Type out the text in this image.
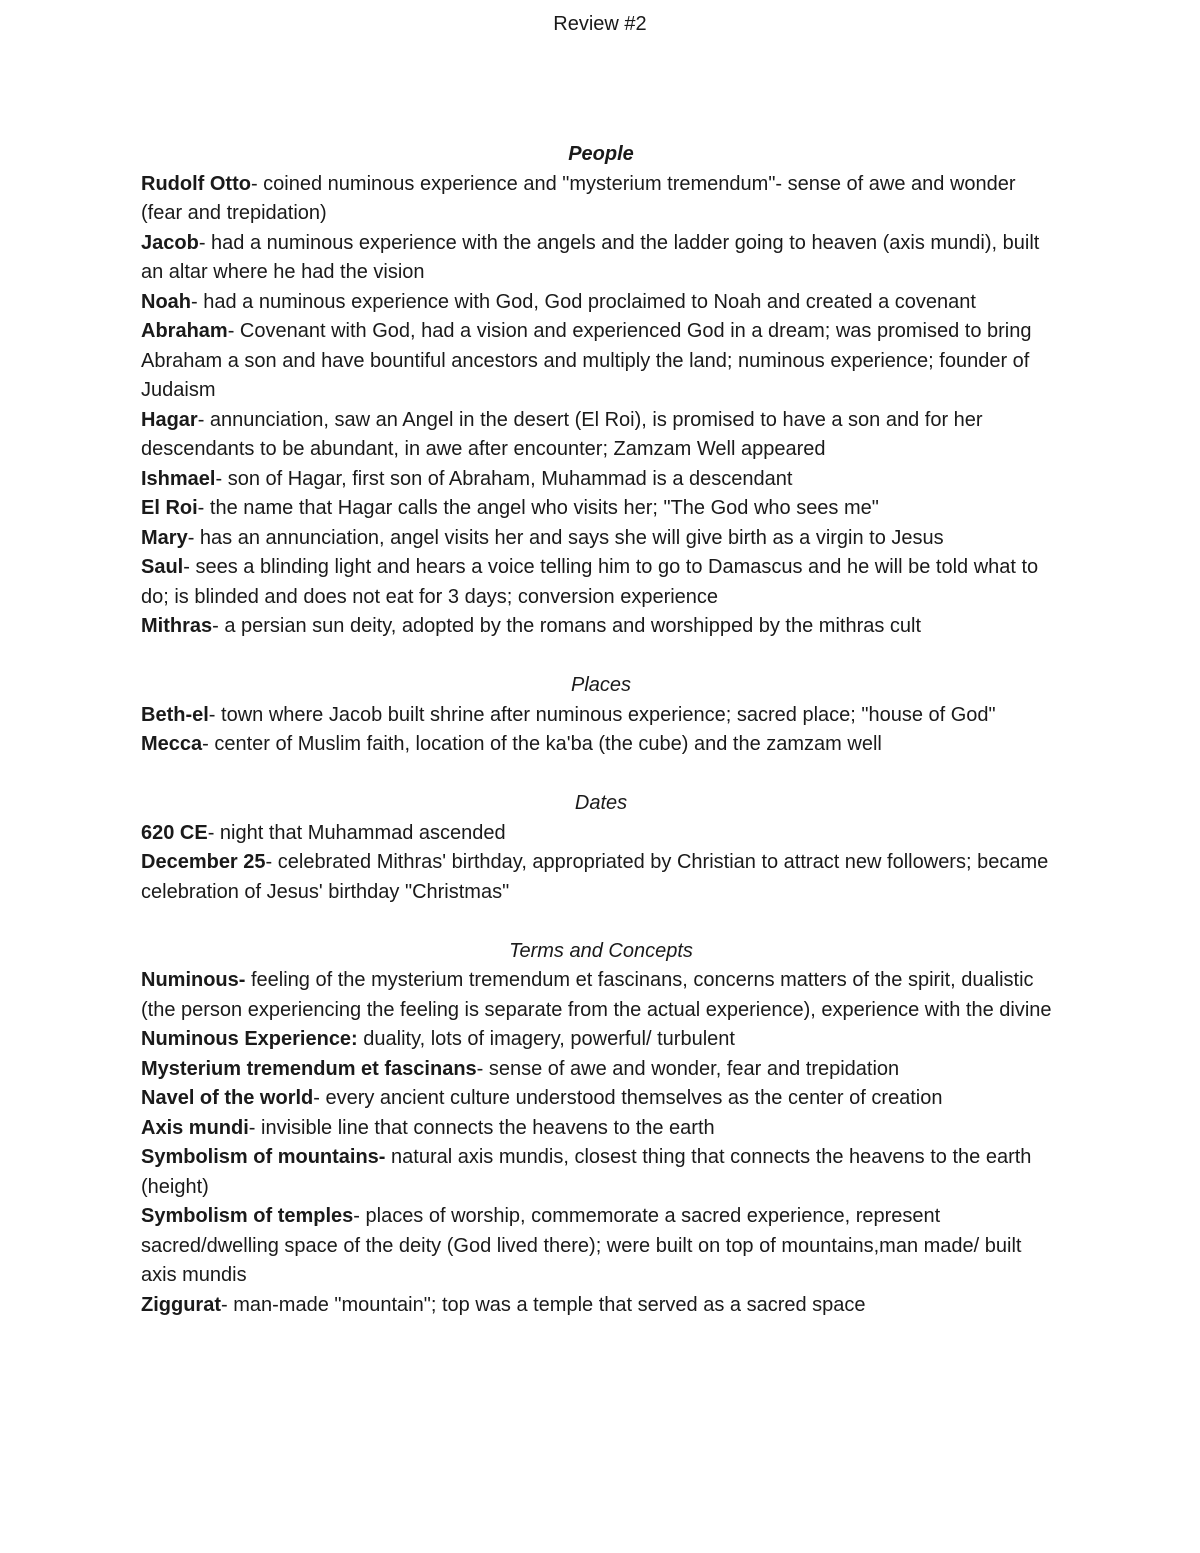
Review #2

People

Rudolf Otto- coined numinous experience and "mysterium tremendum"- sense of awe and wonder (fear and trepidation)

Jacob- had a numinous experience with the angels and the ladder going to heaven (axis mundi), built an altar where he had the vision

Noah- had a numinous experience with God, God proclaimed to Noah and created a covenant

Abraham- Covenant with God, had a vision and experienced God in a dream; was promised to bring Abraham a son and have bountiful ancestors and multiply the land; numinous experience; founder of Judaism

Hagar- annunciation, saw an Angel in the desert (El Roi), is promised to have a son and for her descendants to be abundant, in awe after encounter; Zamzam Well appeared

Ishmael- son of Hagar, first son of Abraham, Muhammad is a descendant

El Roi- the name that Hagar calls the angel who visits her; "The God who sees me"

Mary- has an annunciation, angel visits her and says she will give birth as a virgin to Jesus

Saul- sees a blinding light and hears a voice telling him to go to Damascus and he will be told what to do; is blinded and does not eat for 3 days; conversion experience

Mithras- a persian sun deity, adopted by the romans and worshipped by the mithras cult

Places

Beth-el- town where Jacob built shrine after numinous experience; sacred place; "house of God"

Mecca- center of Muslim faith, location of the ka'ba (the cube) and the zamzam well

Dates

620 CE- night that Muhammad ascended

December 25- celebrated Mithras' birthday, appropriated by Christian to attract new followers; became celebration of Jesus' birthday "Christmas"

Terms and Concepts

Numinous- feeling of the mysterium tremendum et fascinans, concerns matters of the spirit, dualistic (the person experiencing the feeling is separate from the actual experience), experience with the divine

Numinous Experience: duality, lots of imagery, powerful/ turbulent

Mysterium tremendum et fascinans- sense of awe and wonder, fear and trepidation

Navel of the world- every ancient culture understood themselves as the center of creation

Axis mundi- invisible line that connects the heavens to the earth

Symbolism of mountains- natural axis mundis, closest thing that connects the heavens to the earth (height)

Symbolism of temples- places of worship, commemorate a sacred experience, represent sacred/dwelling space of the deity (God lived there); were built on top of mountains,man made/ built axis mundis

Ziggurat- man-made "mountain"; top was a temple that served as a sacred space
